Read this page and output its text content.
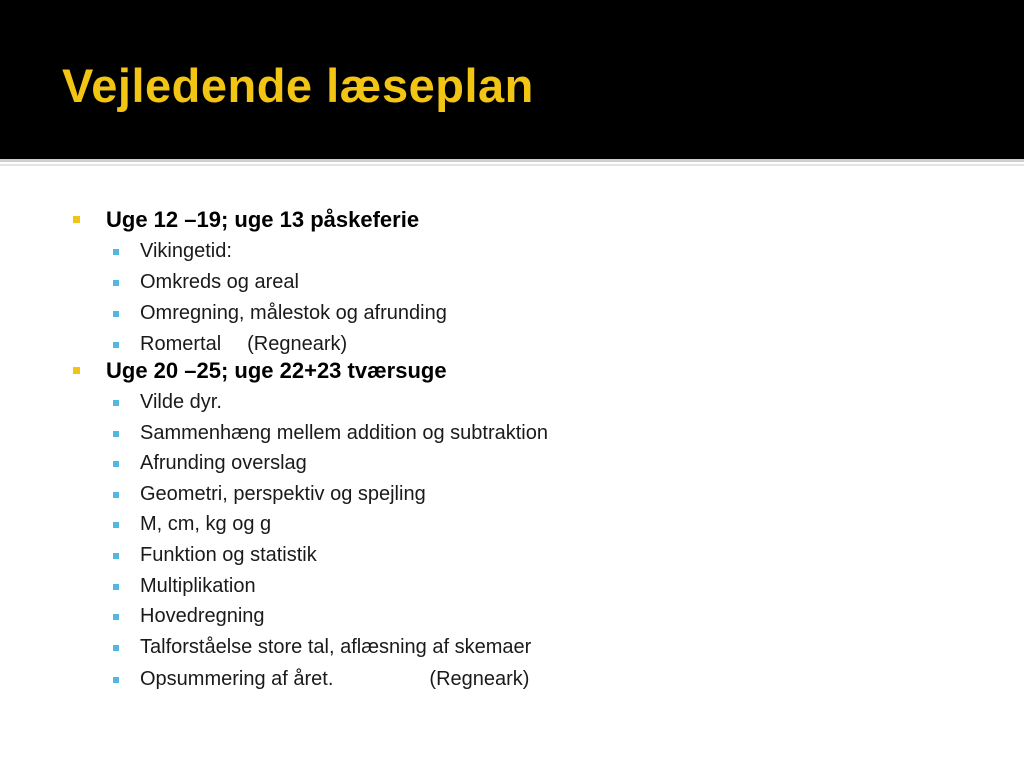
Vejledende læseplan
Uge 12 –19; uge 13 påskeferie
Vikingetid:
Omkreds og areal
Omregning, målestok og afrunding
Romertal (Regneark)
Uge 20 –25; uge 22+23 tværsuge
Vilde dyr.
Sammenhæng mellem addition og subtraktion
Afrunding overslag
Geometri, perspektiv og spejling
M, cm, kg og g
Funktion og statistik
Multiplikation
Hovedregning
Talforståelse store tal, aflæsning af skemaer
Opsummering af året.	(Regneark)
